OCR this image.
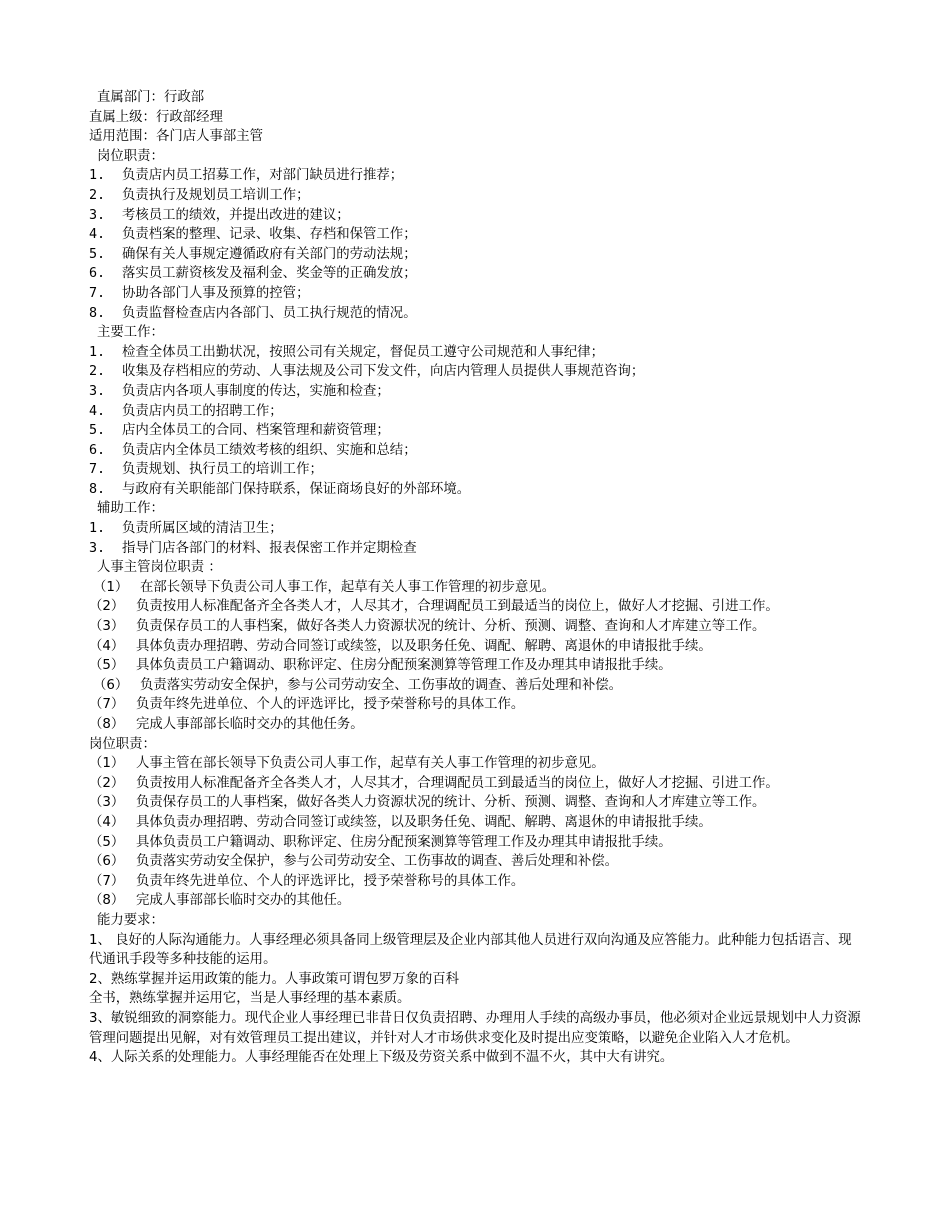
直属部门：行政部
直属上级：行政部经理
适用范围：各门店人事部主管
岗位职责：
1. 负责店内员工招募工作，对部门缺员进行推荐；
2. 负责执行及规划员工培训工作；
3. 考核员工的绩效，并提出改进的建议；
4. 负责档案的整理、记录、收集、存档和保管工作；
5. 确保有关人事规定遵循政府有关部门的劳动法规；
6. 落实员工薪资核发及福利金、奖金等的正确发放；
7. 协助各部门人事及预算的控管；
8. 负责监督检查店内各部门、员工执行规范的情况。
主要工作：
1. 检查全体员工出勤状况，按照公司有关规定，督促员工遵守公司规范和人事纪律；
2. 收集及存档相应的劳动、人事法规及公司下发文件，向店内管理人员提供人事规范咨询；
3. 负责店内各项人事制度的传达，实施和检查；
4. 负责店内员工的招聘工作；
5. 店内全体员工的合同、档案管理和薪资管理；
6. 负责店内全体员工绩效考核的组织、实施和总结；
7. 负责规划、执行员工的培训工作；
8. 与政府有关职能部门保持联系，保证商场良好的外部环境。
辅助工作：
1. 负责所属区域的清洁卫生；
3. 指导门店各部门的材料、报表保密工作并定期检查
人事主管岗位职责 ：
（1） 在部长领导下负责公司人事工作，起草有关人事工作管理的初步意见。
（2） 负责按用人标准配备齐全各类人才，人尽其才，合理调配员工到最适当的岗位上，做好人才挖掘、引进工作。
（3） 负责保存员工的人事档案，做好各类人力资源状况的统计、分析、预测、调整、查询和人才库建立等工作。
（4） 具体负责办理招聘、劳动合同签订或续签，以及职务任免、调配、解聘、离退休的申请报批手续。
（5） 具体负责员工户籍调动、职称评定、住房分配预案测算等管理工作及办理其申请报批手续。
（6） 负责落实劳动安全保护，参与公司劳动安全、工伤事故的调查、善后处理和补偿。
（7） 负责年终先进单位、个人的评选评比，授予荣誉称号的具体工作。
（8） 完成人事部部长临时交办的其他任务。
岗位职责：
（1） 人事主管在部长领导下负责公司人事工作，起草有关人事工作管理的初步意见。
（2） 负责按用人标准配备齐全各类人才，人尽其才，合理调配员工到最适当的岗位上，做好人才挖掘、引进工作。
（3） 负责保存员工的人事档案，做好各类人力资源状况的统计、分析、预测、调整、查询和人才库建立等工作。
（4） 具体负责办理招聘、劳动合同签订或续签，以及职务任免、调配、解聘、离退休的申请报批手续。
（5） 具体负责员工户籍调动、职称评定、住房分配预案测算等管理工作及办理其申请报批手续。
（6） 负责落实劳动安全保护，参与公司劳动安全、工伤事故的调查、善后处理和补偿。
（7） 负责年终先进单位、个人的评选评比，授予荣誉称号的具体工作。
（8） 完成人事部部长临时交办的其他任。
能力要求：
1、 良好的人际沟通能力。人事经理必须具备同上级管理层及企业内部其他人员进行双向沟通及应答能力。此种能力包括语言、现代通讯手段等多种技能的运用。
2、熟练掌握并运用政策的能力。人事政策可谓包罗万象的百科
全书，熟练掌握并运用它，当是人事经理的基本素质。
3、敏锐细致的洞察能力。现代企业人事经理已非昔日仅负责招聘、办理用人手续的高级办事员，他必须对企业远景规划中人力资源管理问题提出见解，对有效管理员工提出建议，并针对人才市场供求变化及时提出应变策略，以避免企业陷入人才危机。
4、人际关系的处理能力。人事经理能否在处理上下级及劳资关系中做到不温不火，其中大有讲究。
